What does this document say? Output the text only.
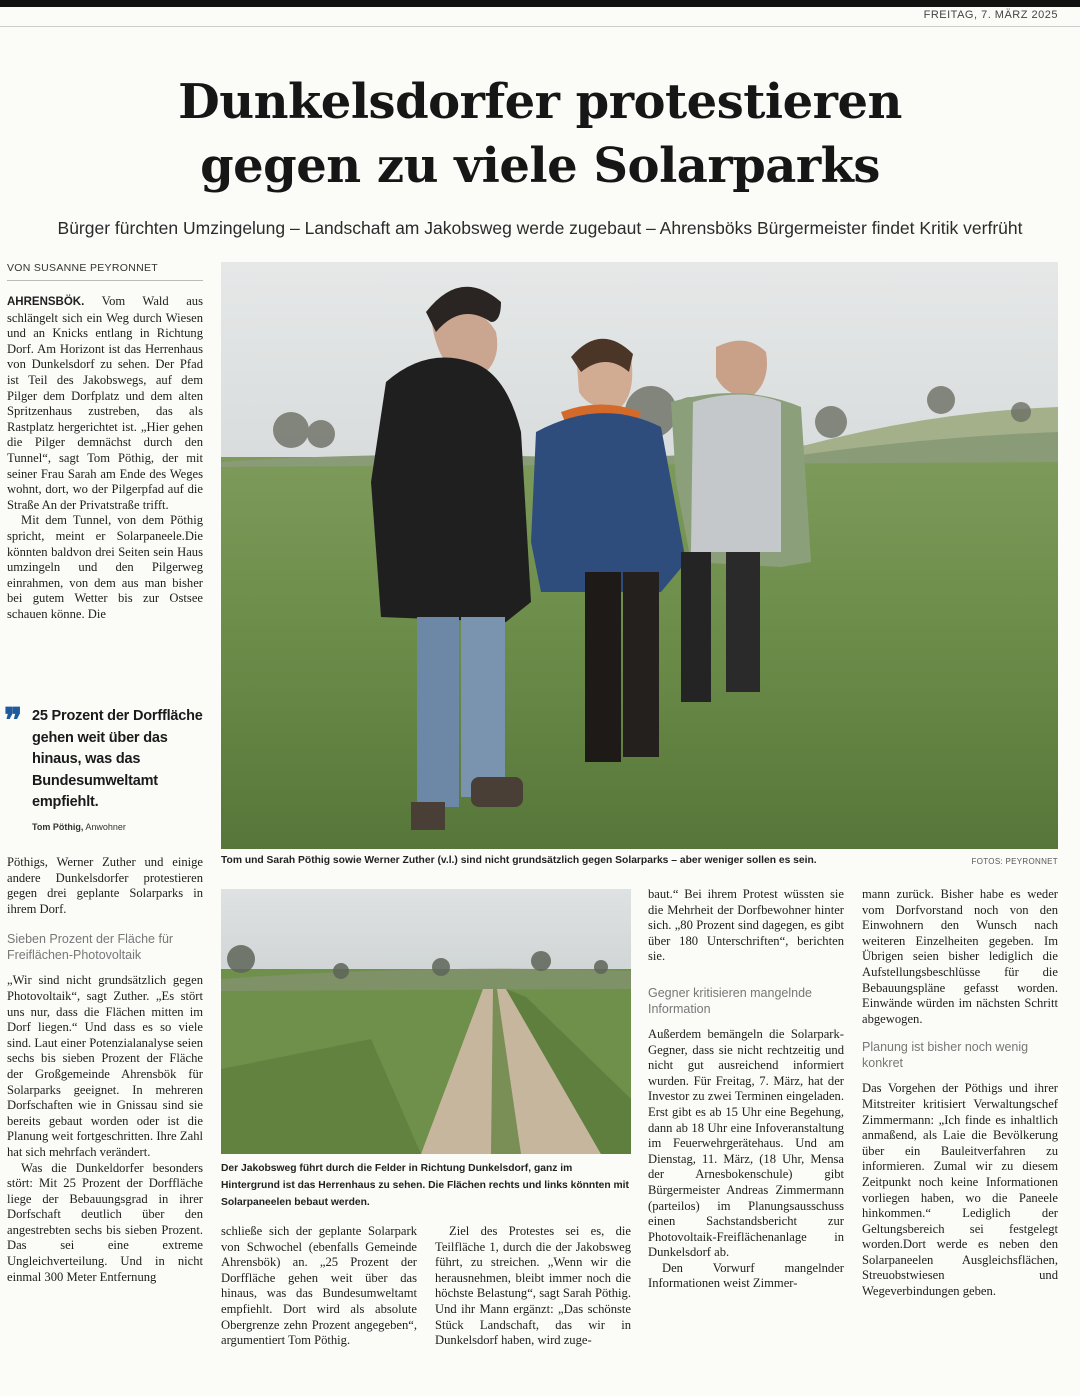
FREITAG, 7. MÄRZ 2025
Dunkelsdorfer protestieren
gegen zu viele Solarparks
Bürger fürchten Umzingelung – Landschaft am Jakobsweg werde zugebaut – Ahrensböks Bürgermeister findet Kritik verfrüht
VON SUSANNE PEYRONNET

AHRENSBÖK. Vom Wald aus schlängelt sich ein Weg durch Wiesen und an Knicks entlang in Richtung Dorf. Am Horizont ist das Herrenhaus von Dunkelsdorf zu sehen. Der Pfad ist Teil des Jakobswegs, auf dem Pilger dem Dorfplatz und dem alten Spritzenhaus zustreben, das als Rastplatz hergerichtet ist. „Hier gehen die Pilger demnächst durch den Tunnel“, sagt Tom Pöthig, der mit seiner Frau Sarah am Ende des Weges wohnt, dort, wo der Pilgerpfad auf die Straße An der Privatstraße trifft.

Mit dem Tunnel, von dem Pöthig spricht, meint er Solarpaneele.Die könnten baldvon drei Seiten sein Haus umzingeln und den Pilgerweg einrahmen, von dem aus man bisher bei gutem Wetter bis zur Ostsee schauen könne. Die

❞ 25 Prozent der Dorffläche gehen weit über das hinaus, was das Bundesumweltamt empfiehlt.
Tom Pöthig, Anwohner
Tom und Sarah Pöthig sowie Werner Zuther (v.l.) sind nicht grundsätzlich gegen Solarparks – aber weniger sollen es sein.	FOTOS: PEYRONNET
Der Jakobsweg führt durch die Felder in Richtung Dunkelsdorf, ganz im Hintergrund ist das Herrenhaus zu sehen. Die Flächen rechts und links könnten mit Solarpaneelen bebaut werden.

Pöthigs, Werner Zuther und einige andere Dunkelsdorfer protestieren gegen drei geplante Solarparks in ihrem Dorf.

Sieben Prozent der Fläche für Freiflächen-Photovoltaik

„Wir sind nicht grundsätzlich gegen Photovoltaik“, sagt Zuther. „Es stört uns nur, dass die Flächen mitten im Dorf liegen.“ Und dass es so viele sind. Laut einer Potenzialanalyse seien sechs bis sieben Prozent der Fläche der Großgemeinde Ahrensbök für Solarparks geeignet. In mehreren Dorfschaften wie in Gnissau sind sie bereits gebaut worden oder ist die Planung weit fortgeschritten. Ihre Zahl hat sich mehrfach verändert.

Was die Dunkeldorfer besonders stört: Mit 25 Prozent der Dorffläche liege der Bebauungsgrad in ihrer Dorfschaft deutlich über den angestrebten sechs bis sieben Prozent. Das sei eine extreme Ungleichverteilung. Und in nicht einmal 300 Meter Entfernung

schließe sich der geplante Solarpark von Schwochel (ebenfalls Gemeinde Ahrensbök) an. „25 Prozent der Dorffläche gehen weit über das hinaus, was das Bundesumweltamt empfiehlt. Dort wird als absolute Obergrenze zehn Prozent angegeben“, argumentiert Tom Pöthig.

Ziel des Protestes sei es, die Teilfläche 1, durch die der Jakobsweg führt, zu streichen. „Wenn wir die herausnehmen, bleibt immer noch die höchste Belastung“, sagt Sarah Pöthig. Und ihr Mann ergänzt: „Das schönste Stück Landschaft, das wir in Dunkelsdorf haben, wird zuge-

baut.“ Bei ihrem Protest wüssten sie die Mehrheit der Dorfbewohner hinter sich. „80 Prozent sind dagegen, es gibt über 180 Unterschriften“, berichten sie.

Gegner kritisieren mangelnde Information

Außerdem bemängeln die Solarpark-Gegner, dass sie nicht rechtzeitig und nicht gut ausreichend informiert wurden. Für Freitag, 7. März, hat der Investor zu zwei Terminen eingeladen. Erst gibt es ab 15 Uhr eine Begehung, dann ab 18 Uhr eine Infoveranstaltung im Feuerwehrgerätehaus. Und am Dienstag, 11. März, (18 Uhr, Mensa der Arnesbokenschule) gibt Bürgermeister Andreas Zimmermann (parteilos) im Planungsausschuss einen Sachstandsbericht zur Photovoltaik-Freiflächenanlage in Dunkelsdorf ab.

Den Vorwurf mangelnder Informationen weist Zimmer-

mann zurück. Bisher habe es weder vom Dorfvorstand noch von den Einwohnern den Wunsch nach weiteren Einzelheiten gegeben. Im Übrigen seien bisher lediglich die Aufstellungsbeschlüsse für die Bebauungspläne gefasst worden. Einwände würden im nächsten Schritt abgewogen.

Planung ist bisher noch wenig konkret

Das Vorgehen der Pöthigs und ihrer Mitstreiter kritisiert Verwaltungschef Zimmermann: „Ich finde es inhaltlich anmaßend, als Laie die Bevölkerung über ein Bauleitverfahren zu informieren. Zumal wir zu diesem Zeitpunkt noch keine Informationen vorliegen haben, wo die Paneele hinkommen.“ Lediglich der Geltungsbereich sei festgelegt worden.Dort werde es neben den Solarpaneelen Ausgleichsflächen, Streuobstwiesen und Wegeverbindungen geben.
